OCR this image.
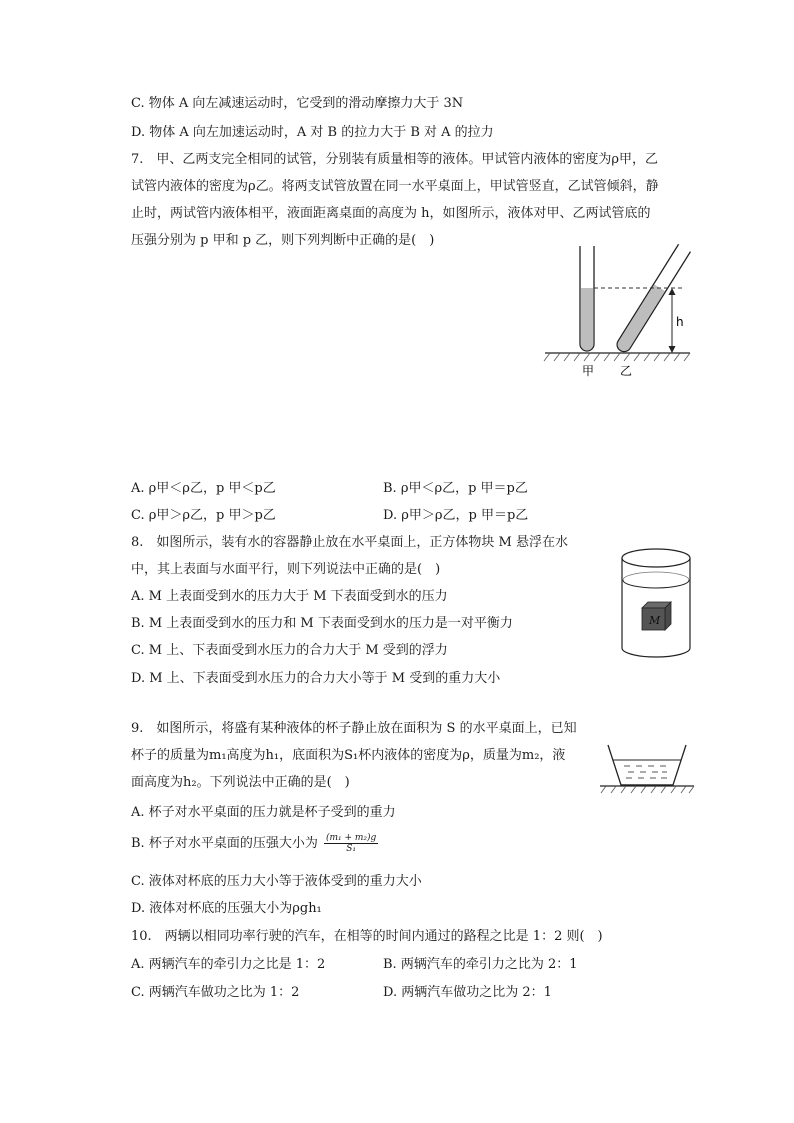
C. 物体 A 向左减速运动时，它受到的滑动摩擦力大于 3N
D. 物体 A 向左加速运动时，A 对 B 的拉力大于 B 对 A 的拉力
7.　甲、乙两支完全相同的试管，分别装有质量相等的液体。甲试管内液体的密度为ρ甲，乙
试管内液体的密度为ρ乙。将两支试管放置在同一水平桌面上，甲试管竖直，乙试管倾斜，静
止时，两试管内液体相平，液面距离桌面的高度为 h，如图所示，液体对甲、乙两试管底的
压强分别为 p 甲和 p 乙，则下列判断中正确的是(　)
h
甲 乙
A. ρ甲＜ρ乙，p 甲＜p乙	B. ρ甲＜ρ乙，p 甲＝p乙
C. ρ甲＞ρ乙，p 甲＞p乙	D. ρ甲＞ρ乙，p 甲＝p乙
8.　如图所示，装有水的容器静止放在水平桌面上，正方体物块 M 悬浮在水
中，其上表面与水面平行，则下列说法中正确的是(　)
A. M 上表面受到水的压力大于 M 下表面受到水的压力
B. M 上表面受到水的压力和 M 下表面受到水的压力是一对平衡力
C. M 上、下表面受到水压力的合力大于 M 受到的浮力
D. M 上、下表面受到水压力的合力大小等于 M 受到的重力大小
M
9.　如图所示，将盛有某种液体的杯子静止放在面积为 S 的水平桌面上，已知
杯子的质量为m₁高度为h₁，底面积为S₁杯内液体的密度为ρ，质量为m₂，液
面高度为h₂。下列说法中正确的是(　)
A. 杯子对水平桌面的压力就是杯子受到的重力
B. 杯子对水平桌面的压强大小为 $\frac{\text{(m₁ + m₂)g}}{\text{S₁}}$
C. 液体对杯底的压力大小等于液体受到的重力大小
D. 液体对杯底的压强大小为ρgh₁
10.　两辆以相同功率行驶的汽车，在相等的时间内通过的路程之比是 1：2 则(　)
A. 两辆汽车的牵引力之比是 1：2	B. 两辆汽车的牵引力之比为 2：1
C. 两辆汽车做功之比为 1：2	D. 两辆汽车做功之比为 2：1
